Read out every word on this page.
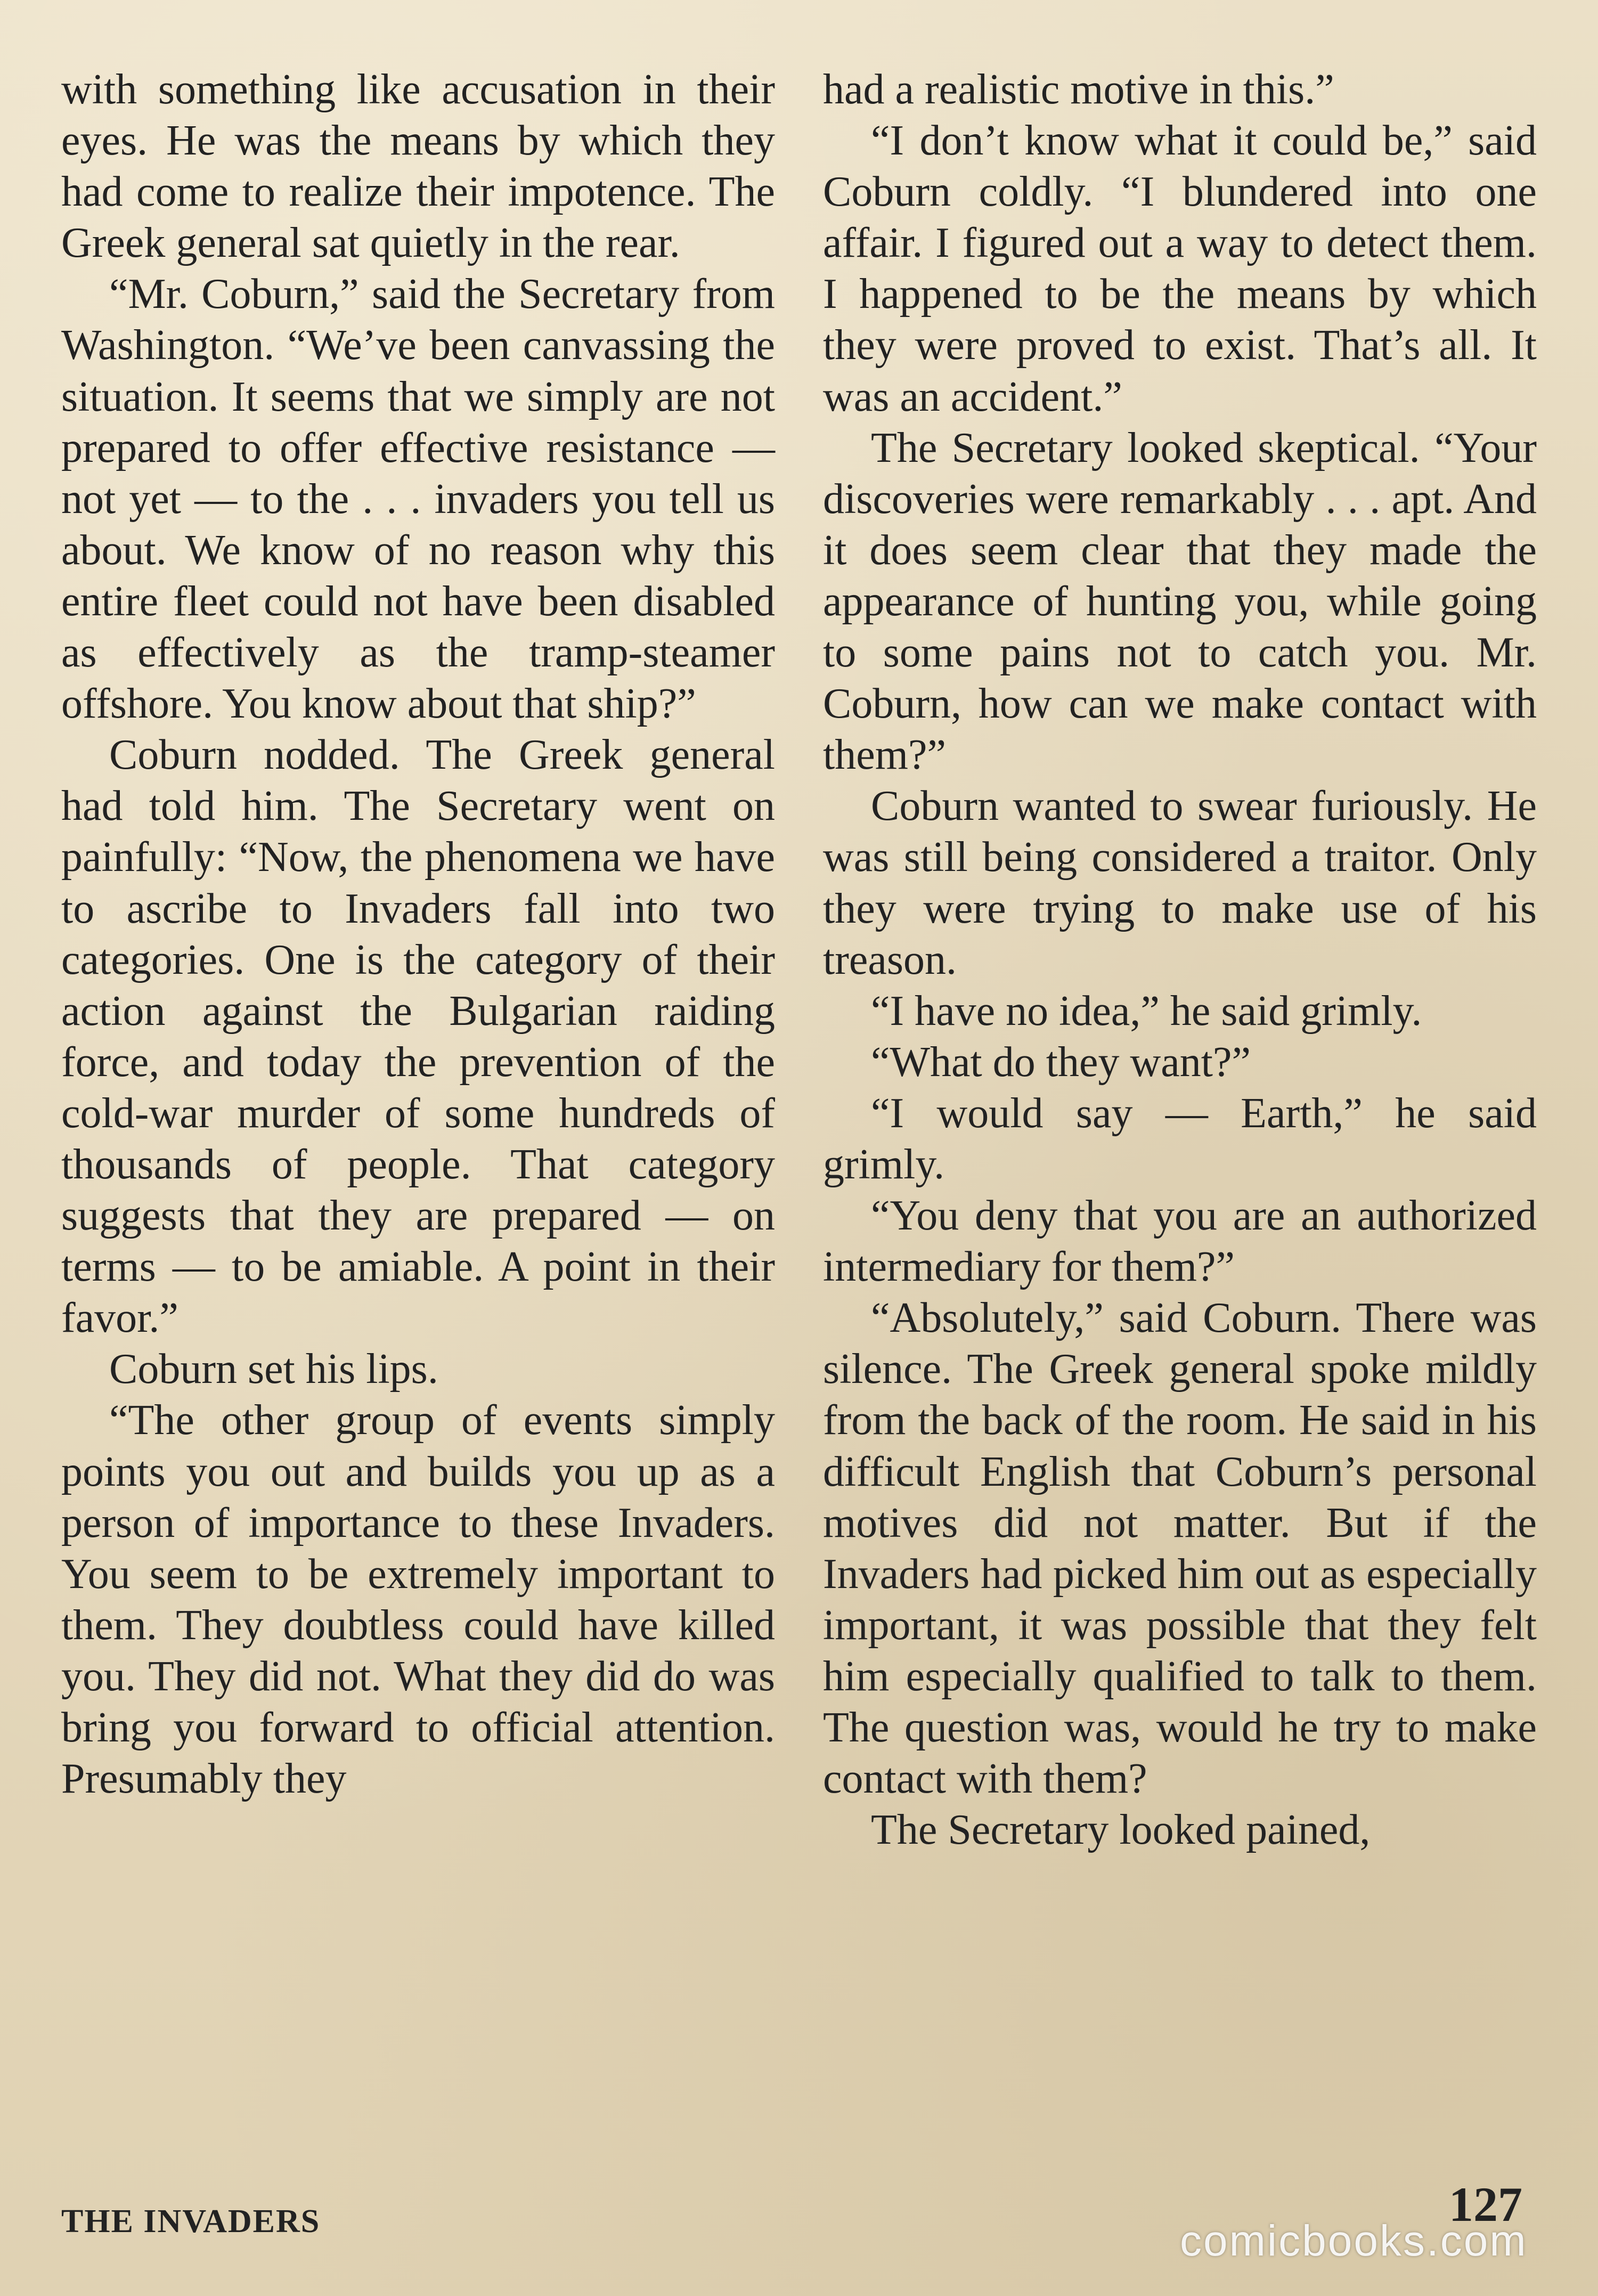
with something like accusation in their eyes. He was the means by which they had come to realize their impotence. The Greek general sat quietly in the rear.

“Mr. Coburn,” said the Secretary from Washington. “We’ve been canvassing the situation. It seems that we simply are not prepared to offer effective resistance — not yet — to the . . . invaders you tell us about. We know of no reason why this entire fleet could not have been disabled as effectively as the tramp-steamer offshore. You know about that ship?”

Coburn nodded. The Greek general had told him. The Secretary went on painfully: “Now, the phenomena we have to ascribe to Invaders fall into two categories. One is the category of their action against the Bulgarian raiding force, and today the prevention of the cold-war murder of some hundreds of thousands of people. That category suggests that they are prepared — on terms — to be amiable. A point in their favor.”

Coburn set his lips.

“The other group of events simply points you out and builds you up as a person of importance to these Invaders. You seem to be extremely important to them. They doubtless could have killed you. They did not. What they did do was bring you forward to official attention. Presumably they

had a realistic motive in this.”

“I don’t know what it could be,” said Coburn coldly. “I blundered into one affair. I figured out a way to detect them. I happened to be the means by which they were proved to exist. That’s all. It was an accident.”

The Secretary looked skeptical. “Your discoveries were remarkably . . . apt. And it does seem clear that they made the appearance of hunting you, while going to some pains not to catch you. Mr. Coburn, how can we make contact with them?”

Coburn wanted to swear furiously. He was still being considered a traitor. Only they were trying to make use of his treason.

“I have no idea,” he said grimly.

“What do they want?”

“I would say — Earth,” he said grimly.

“You deny that you are an authorized intermediary for them?”

“Absolutely,” said Coburn. There was silence. The Greek general spoke mildly from the back of the room. He said in his difficult English that Coburn’s personal motives did not matter. But if the Invaders had picked him out as especially important, it was possible that they felt him especially qualified to talk to them. The question was, would he try to make contact with them?

The Secretary looked pained,

THE INVADERS	127
comicbooks.com
